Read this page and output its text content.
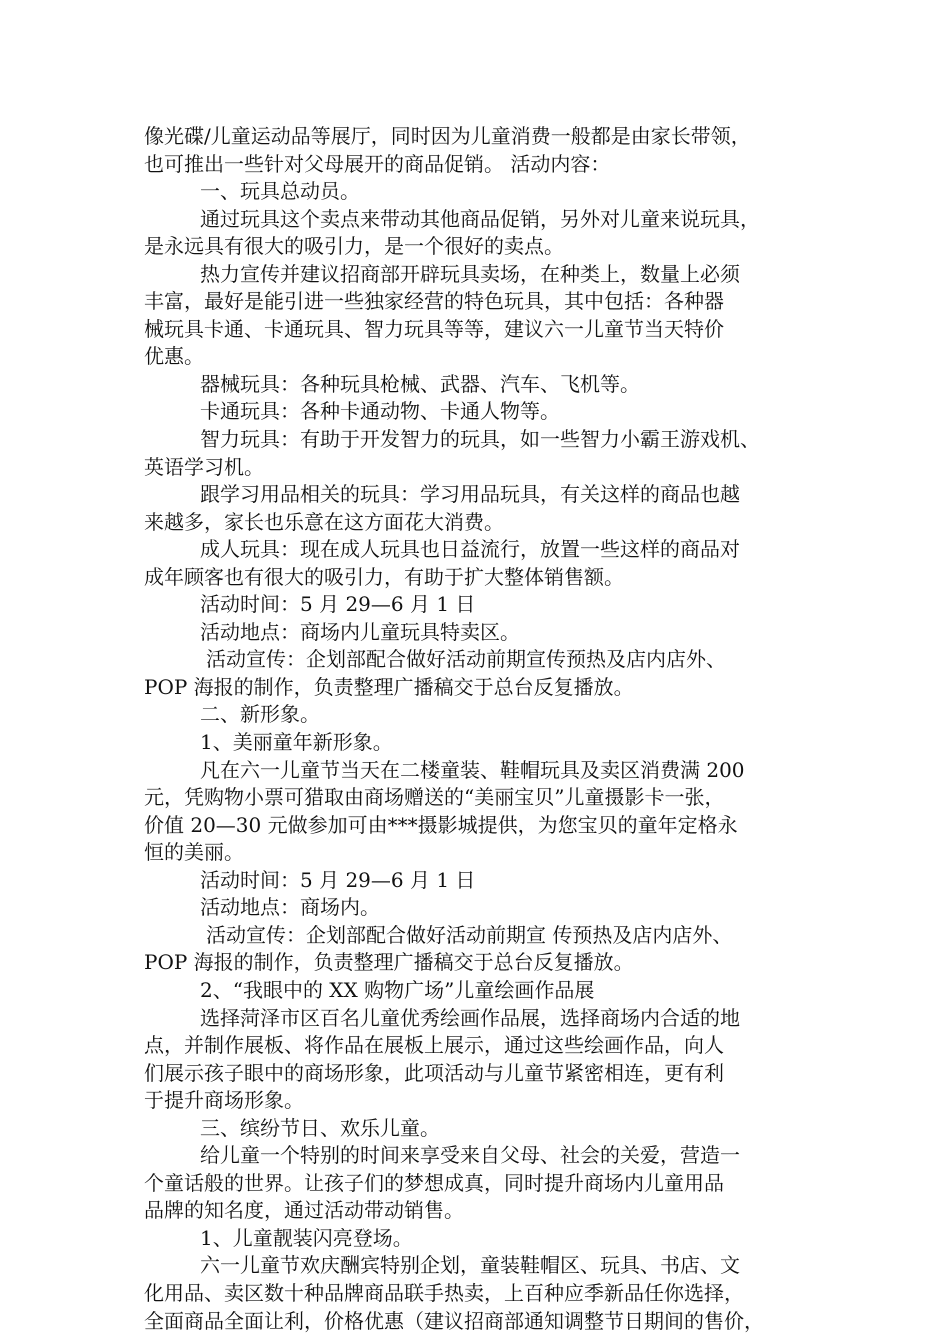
像光碟/儿童运动品等展厅，同时因为儿童消费一般都是由家长带领，
也可推出一些针对父母展开的商品促销。 活动内容：
一、玩具总动员。
通过玩具这个卖点来带动其他商品促销，另外对儿童来说玩具，
是永远具有很大的吸引力，是一个很好的卖点。
热力宣传并建议招商部开辟玩具卖场，在种类上，数量上必须
丰富，最好是能引进一些独家经营的特色玩具，其中包括：各种器
械玩具卡通、卡通玩具、智力玩具等等，建议六一儿童节当天特价
优惠。
器械玩具：各种玩具枪械、武器、汽车、飞机等。
卡通玩具：各种卡通动物、卡通人物等。
智力玩具：有助于开发智力的玩具，如一些智力小霸王游戏机、
英语学习机。
跟学习用品相关的玩具：学习用品玩具，有关这样的商品也越
来越多，家长也乐意在这方面花大消费。
成人玩具：现在成人玩具也日益流行，放置一些这样的商品对
成年顾客也有很大的吸引力，有助于扩大整体销售额。
活动时间：5 月 29—6 月 1 日
活动地点：商场内儿童玩具特卖区。
活动宣传：企划部配合做好活动前期宣传预热及店内店外、
POP 海报的制作，负责整理广播稿交于总台反复播放。
二、新形象。
1、美丽童年新形象。
凡在六一儿童节当天在二楼童装、鞋帽玩具及卖区消费满 200
元，凭购物小票可猎取由商场赠送的“美丽宝贝”儿童摄影卡一张，
价值 20—30 元做参加可由***摄影城提供，为您宝贝的童年定格永
恒的美丽。
活动时间：5 月 29—6 月 1 日
活动地点：商场内。
活动宣传：企划部配合做好活动前期宣 传预热及店内店外、
POP 海报的制作，负责整理广播稿交于总台反复播放。
2、“我眼中的 XX 购物广场”儿童绘画作品展
选择菏泽市区百名儿童优秀绘画作品展，选择商场内合适的地
点，并制作展板、将作品在展板上展示，通过这些绘画作品，向人
们展示孩子眼中的商场形象，此项活动与儿童节紧密相连，更有利
于提升商场形象。
三、缤纷节日、欢乐儿童。
给儿童一个特别的时间来享受来自父母、社会的关爱，营造一
个童话般的世界。让孩子们的梦想成真，同时提升商场内儿童用品
品牌的知名度，通过活动带动销售。
1、儿童靓装闪亮登场。
六一儿童节欢庆酬宾特别企划，童装鞋帽区、玩具、书店、文
化用品、卖区数十种品牌商品联手热卖，上百种应季新品任你选择，
全面商品全面让利，价格优惠（建议招商部通知调整节日期间的售价，
